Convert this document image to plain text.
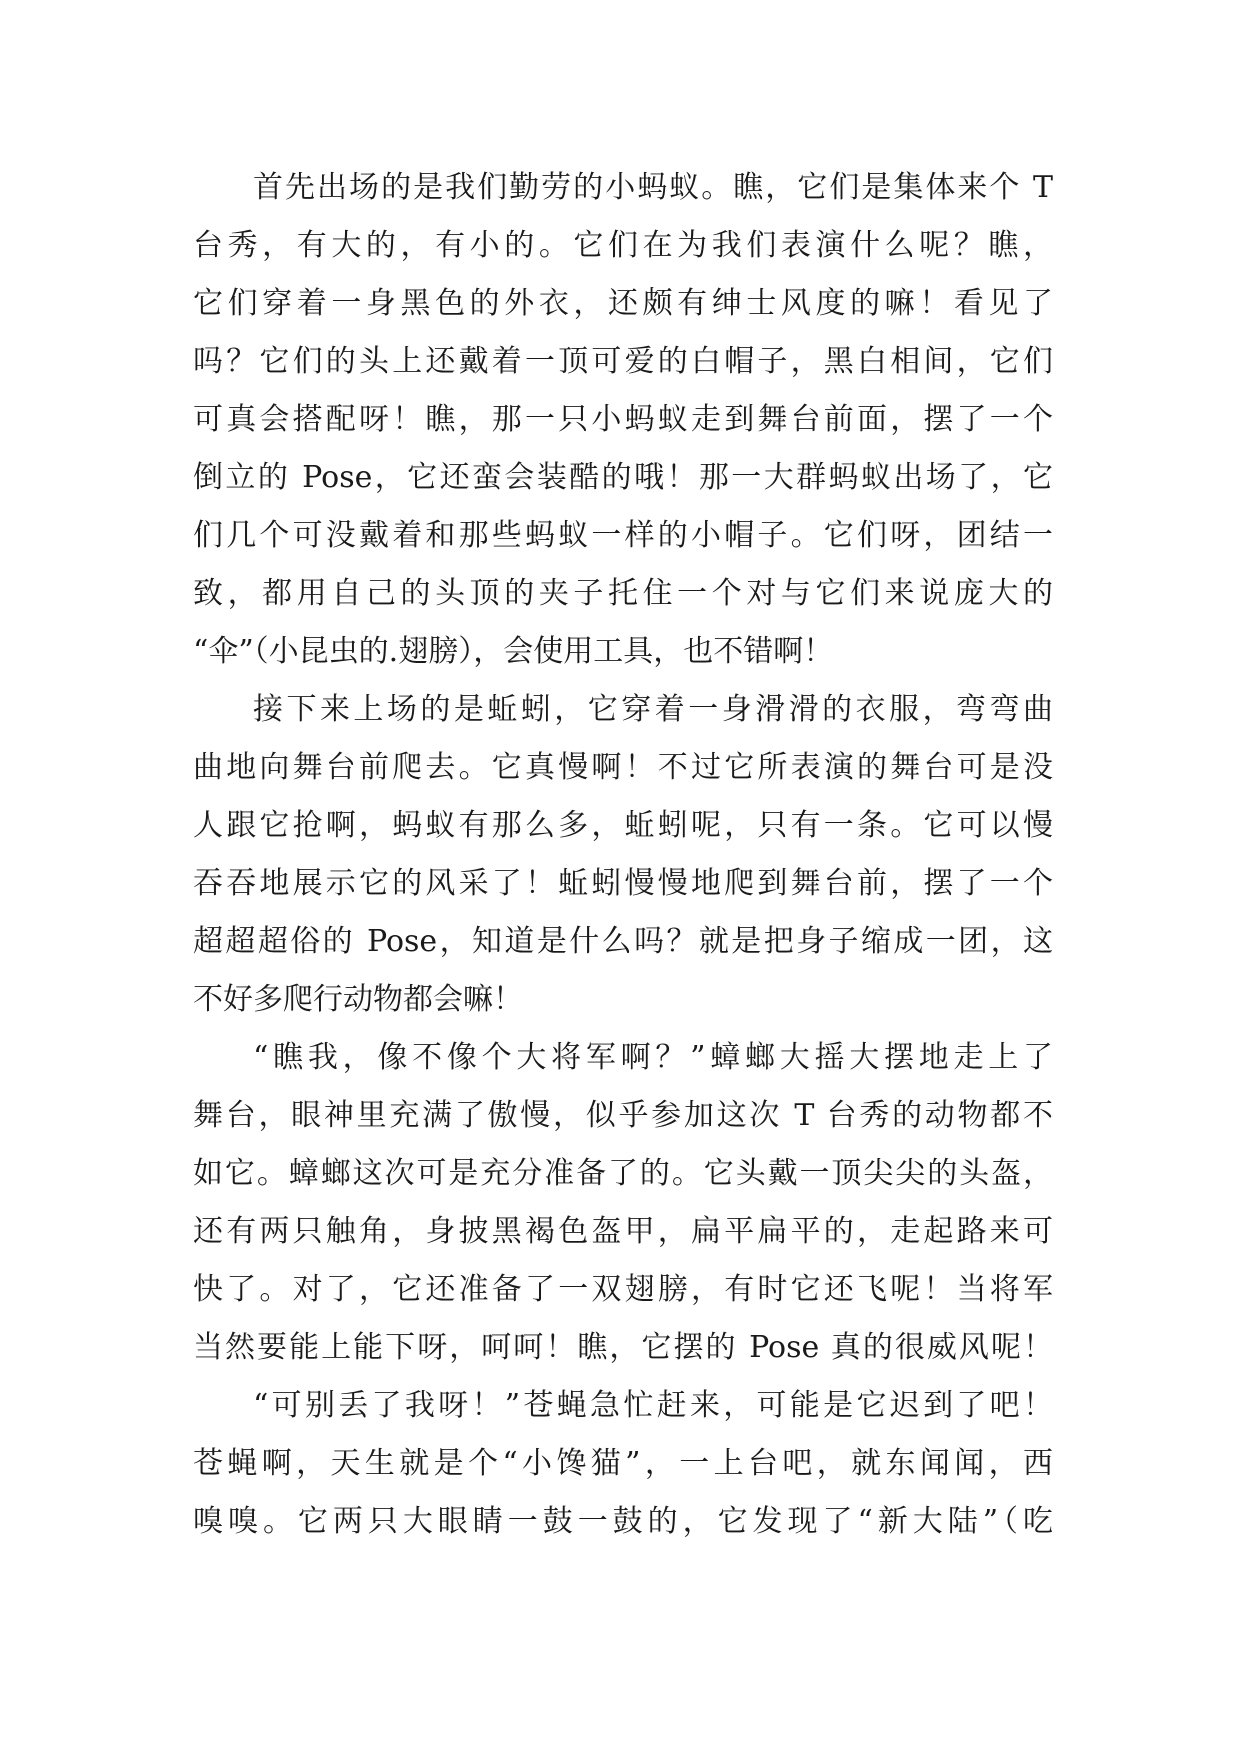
首先出场的是我们勤劳的小蚂蚁。瞧，它们是集体来个 T
台秀，有大的，有小的。它们在为我们表演什么呢？瞧，
它们穿着一身黑色的外衣，还颇有绅士风度的嘛！看见了
吗？它们的头上还戴着一顶可爱的白帽子，黑白相间，它们
可真会搭配呀！瞧，那一只小蚂蚁走到舞台前面，摆了一个
倒立的 Pose，它还蛮会装酷的哦！那一大群蚂蚁出场了，它
们几个可没戴着和那些蚂蚁一样的小帽子。它们呀，团结一
致，都用自己的头顶的夹子托住一个对与它们来说庞大的
“伞”（小昆虫的.翅膀），会使用工具，也不错啊！
接下来上场的是蚯蚓，它穿着一身滑滑的衣服，弯弯曲
曲地向舞台前爬去。它真慢啊！不过它所表演的舞台可是没
人跟它抢啊，蚂蚁有那么多，蚯蚓呢，只有一条。它可以慢
吞吞地展示它的风采了！蚯蚓慢慢地爬到舞台前，摆了一个
超超超俗的 Pose，知道是什么吗？就是把身子缩成一团，这
不好多爬行动物都会嘛！
“瞧我，像不像个大将军啊？”蟑螂大摇大摆地走上了
舞台，眼神里充满了傲慢，似乎参加这次 T 台秀的动物都不
如它。蟑螂这次可是充分准备了的。它头戴一顶尖尖的头盔，
还有两只触角，身披黑褐色盔甲，扁平扁平的，走起路来可
快了。对了，它还准备了一双翅膀，有时它还飞呢！当将军
当然要能上能下呀，呵呵！瞧，它摆的 Pose 真的很威风呢！
“可别丢了我呀！”苍蝇急忙赶来，可能是它迟到了吧！
苍蝇啊，天生就是个“小馋猫”，一上台吧，就东闻闻，西
嗅嗅。它两只大眼睛一鼓一鼓的，它发现了“新大陆”（吃
